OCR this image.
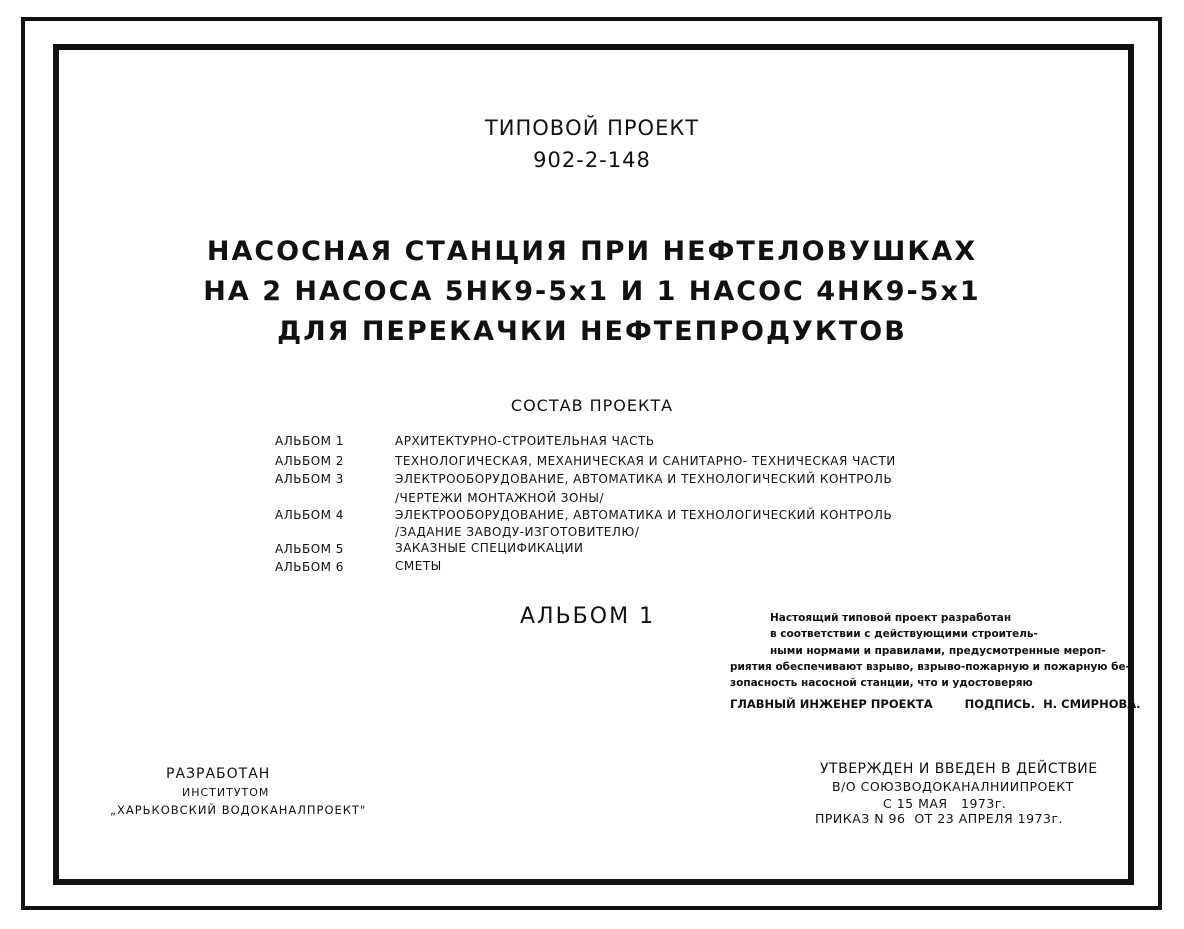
ТИПОВОЙ ПРОЕКТ
902-2-148
НАСОСНАЯ СТАНЦИЯ ПРИ НЕФТЕЛОВУШКАХ
НА 2 НАСОСА 5НК9-5х1 И 1 НАСОС 4НК9-5х1
ДЛЯ ПЕРЕКАЧКИ НЕФТЕПРОДУКТОВ
СОСТАВ ПРОЕКТА
АЛЬБОМ 1	АРХИТЕКТУРНО-СТРОИТЕЛЬНАЯ ЧАСТЬ
АЛЬБОМ 2	ТЕХНОЛОГИЧЕСКАЯ, МЕХАНИЧЕСКАЯ И САНИТАРНО- ТЕХНИЧЕСКАЯ ЧАСТИ
АЛЬБОМ 3	ЭЛЕКТРООБОРУДОВАНИЕ, АВТОМАТИКА И ТЕХНОЛОГИЧЕСКИЙ КОНТРОЛЬ
/ЧЕРТЕЖИ МОНТАЖНОЙ ЗОНЫ/
АЛЬБОМ 4	ЭЛЕКТРООБОРУДОВАНИЕ, АВТОМАТИКА И ТЕХНОЛОГИЧЕСКИЙ КОНТРОЛЬ
/ЗАДАНИЕ ЗАВОДУ-ИЗГОТОВИТЕЛЮ/
АЛЬБОМ 5	ЗАКАЗНЫЕ СПЕЦИФИКАЦИИ
АЛЬБОМ 6	СМЕТЫ
АЛЬБОМ 1	Настоящий типовой проект разработан
в соответствии с действующими строитель-
ными нормами и правилами, предусмотренные мероп-
риятия обеспечивают взрыво, взрыво-пожарную и пожарную бе-
зопасность насосной станции, что и удостоверяю
ГЛАВНЫЙ ИНЖЕНЕР ПРОЕКТА        ПОДПИСЬ.  Н. СМИРНОВА.
РАЗРАБОТАН
ИНСТИТУТОМ
„ХАРЬКОВСКИЙ ВОДОКАНАЛПРОЕКТ"
УТВЕРЖДЕН И ВВЕДЕН В ДЕЙСТВИЕ
В/О СОЮЗВОДОКАНАЛНИИПРОЕКТ
С 15 МАЯ   1973г.
ПРИКАЗ N 96  ОТ 23 АПРЕЛЯ 1973г.
